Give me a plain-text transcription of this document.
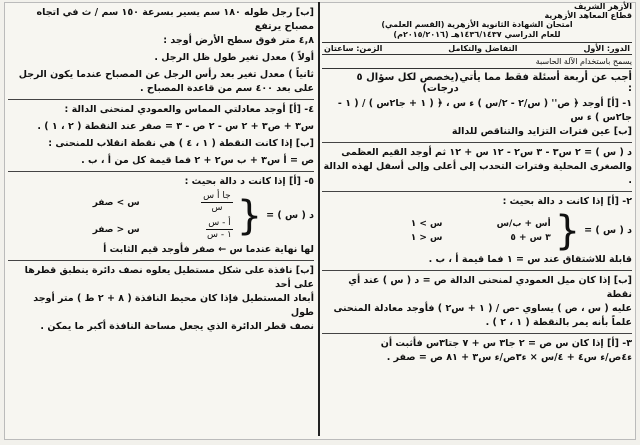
الأزهر الشريف
قطاع المعاهد الأزهرية
امتحان الشهادة الثانوية الأزهرية (القسم العلمي)
للعام الدراسي ١٤٣٦/١٤٣٧هـ (٢٠١٥/٢٠١٦م)
الدور: الأول
التفاضل والتكامل
الزمن: ساعتان
يسمح باستخدام الآلة الحاسبة
أجب عن أربعة أسئلة فقط مما يأتي :
(يخصص لكل سؤال ٥ درجات)
١- [أ] أوجد ﴿ ص'' ( س/٢ - ٢/س ) ء س ، ﴿ ( ١ + جا٢س ) / ( ١ - جا٢س ) ء س
[ب] عين فترات التزايد والتناقص للدالة
د ( س ) = ٢ س٣ - ٣ س٢ - ١٢ س + ١٢ ثم أوجد القيم العظمى
والصغرى المحلية وفترات التحدب إلى أعلى وإلى أسفل لهذه الدالة .
٢- [أ] إذا كانت د دالة بحيث :
د ( س ) =
{
أس + ب/س
س > ١
٣ س + ٥
س < ١
قابلة للاشتقاق عند س = ١ فما قيمة أ ، ب .
[ب] إذا كان ميل العمودي لمنحنى الدالة ص = د ( س ) عند أي نقطة
عليه ( س ، ص ) يساوي -ص / ( ١ + س٢ ) فأوجد معادلة المنحنى
علماً بأنه يمر بالنقطة ( ١ ، ٢ ) .
٣- [أ] إذا كان س ص = ٢ جا٣ س + ٧ جتا٣س فأثبت أن
ء٤ص/ء س٤ + ٤/س × ء٣ص/ء س٣ + ٨١ ص = صفر .
[ب] رجل طوله ١٨٠ سم يسير بسرعة ١٥٠ سم / ث في اتجاه مصباح يرتفع
٤,٨ متر فوق سطح الأرض أوجد :
أولاً ) معدل تغير طول ظل الرجل .
ثانياً ) معدل تغير بعد رأس الرجل عن المصباح عندما يكون الرجل
على بعد ٤٠٠ سم من قاعدة المصباح .
٤- [أ] أوجد معادلتي المماس والعمودي لمنحنى الدالة :
س٣ + ص٣ + ٢ س - ٢ ص - ٣ = صفر عند النقطة ( ٢ ، ١ ) .
[ب] إذا كانت النقطة ( ١ ، ٤ ) هي نقطة انقلاب للمنحنى :
ص = أ س٣ + ب س٢ + ٢ فما قيمة كل من أ ، ب .
٥- [أ] إذا كانت د دالة بحيث :
د ( س ) =
{
$\frac{\text{جا أ س}}{\text{س}}$
س > صفر
$\frac{\text{أ - س}}{\text{١ - س}}$
س < صفر
لها نهاية عندما س ← صفر فأوجد قيم الثابت أ
[ب] نافذة على شكل مستطيل يعلوه نصف دائرة ينطبق قطرها على أحد
أبعاد المستطيل فإذا كان محيط النافذة ( ٨ + ٢ ط ) متر أوجد طول
نصف قطر الدائرة الذي يجعل مساحة النافذة أكبر ما يمكن .
